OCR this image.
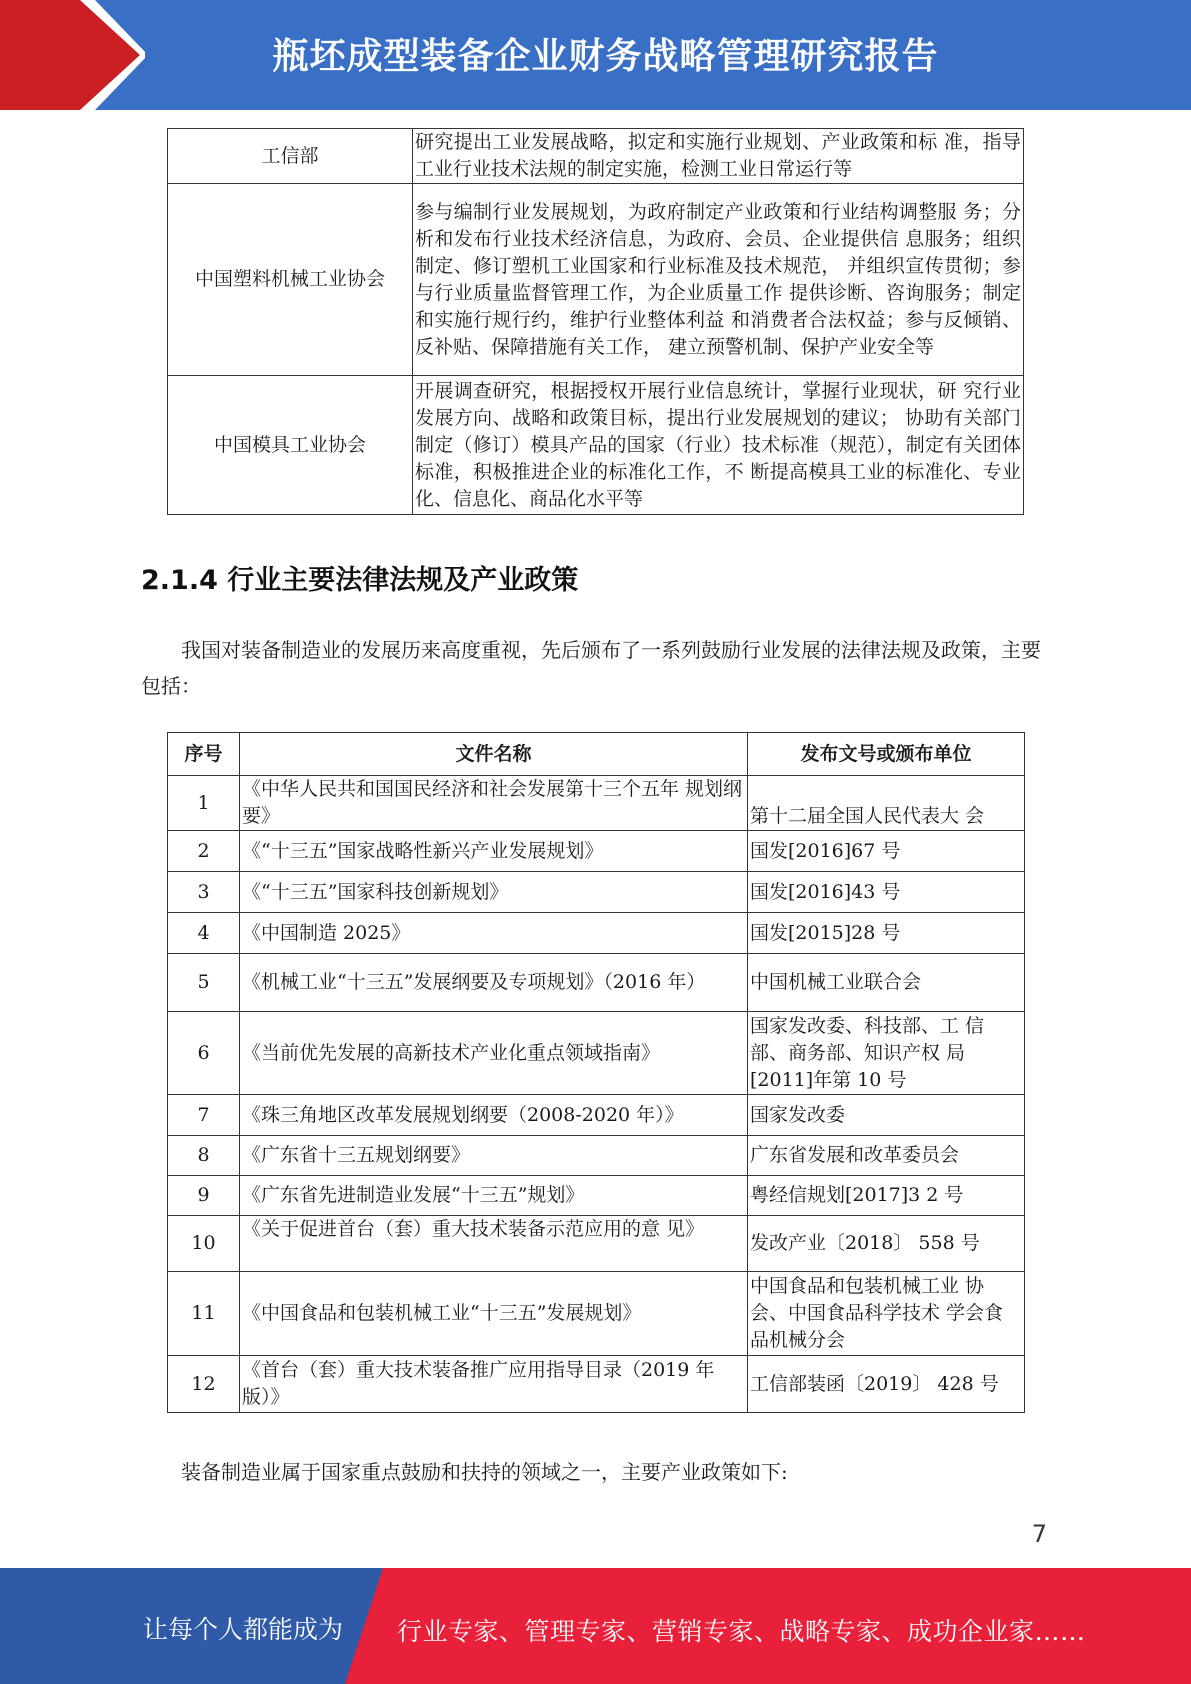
瓶坯成型装备企业财务战略管理研究报告
工信部	研究提出工业发展战略，拟定和实施行业规划、产业政策和标 准，指导工业行业技术法规的制定实施，检测工业日常运行等
中国塑料机械工业协会	参与编制行业发展规划，为政府制定产业政策和行业结构调整服 务；分析和发布行业技术经济信息，为政府、会员、企业提供信 息服务；组织制定、修订塑机工业国家和行业标准及技术规范， 并组织宣传贯彻；参与行业质量监督管理工作，为企业质量工作 提供诊断、咨询服务；制定和实施行规行约，维护行业整体利益 和消费者合法权益；参与反倾销、反补贴、保障措施有关工作， 建立预警机制、保护产业安全等
中国模具工业协会	开展调查研究，根据授权开展行业信息统计，掌握行业现状，研 究行业发展方向、战略和政策目标，提出行业发展规划的建议； 协助有关部门制定（修订）模具产品的国家（行业）技术标准（规范），制定有关团体标准，积极推进企业的标准化工作，不 断提高模具工业的标准化、专业化、信息化、商品化水平等
2.1.4 行业主要法律法规及产业政策
我国对装备制造业的发展历来高度重视，先后颁布了一系列鼓励行业发展的法律法规及政策，主要包括：
序号	文件名称	发布文号或颁布单位
1	《中华人民共和国国民经济和社会发展第十三个五年 规划纲要》	第十二届全国人民代表大 会
2	《“十三五”国家战略性新兴产业发展规划》	国发[2016]67 号
3	《“十三五”国家科技创新规划》	国发[2016]43 号
4	《中国制造 2025》	国发[2015]28 号
5	《机械工业“十三五”发展纲要及专项规划》（2016 年）	中国机械工业联合会
6	《当前优先发展的高新技术产业化重点领域指南》	国家发改委、科技部、工 信部、商务部、知识产权 局[2011]年第 10 号
7	《珠三角地区改革发展规划纲要（2008-2020 年）》	国家发改委
8	《广东省十三五规划纲要》	广东省发展和改革委员会
9	《广东省先进制造业发展“十三五”规划》	粤经信规划[2017]3 2 号
10	《关于促进首台（套）重大技术装备示范应用的意 见》	发改产业〔2018〕 558 号
11	《中国食品和包装机械工业“十三五”发展规划》	中国食品和包装机械工业 协会、中国食品科学技术 学会食品机械分会
12	《首台（套）重大技术装备推广应用指导目录（2019 年版）》	工信部装函〔2019〕 428 号
装备制造业属于国家重点鼓励和扶持的领域之一，主要产业政策如下:
7
让每个人都能成为 行业专家、管理专家、营销专家、战略专家、成功企业家……
